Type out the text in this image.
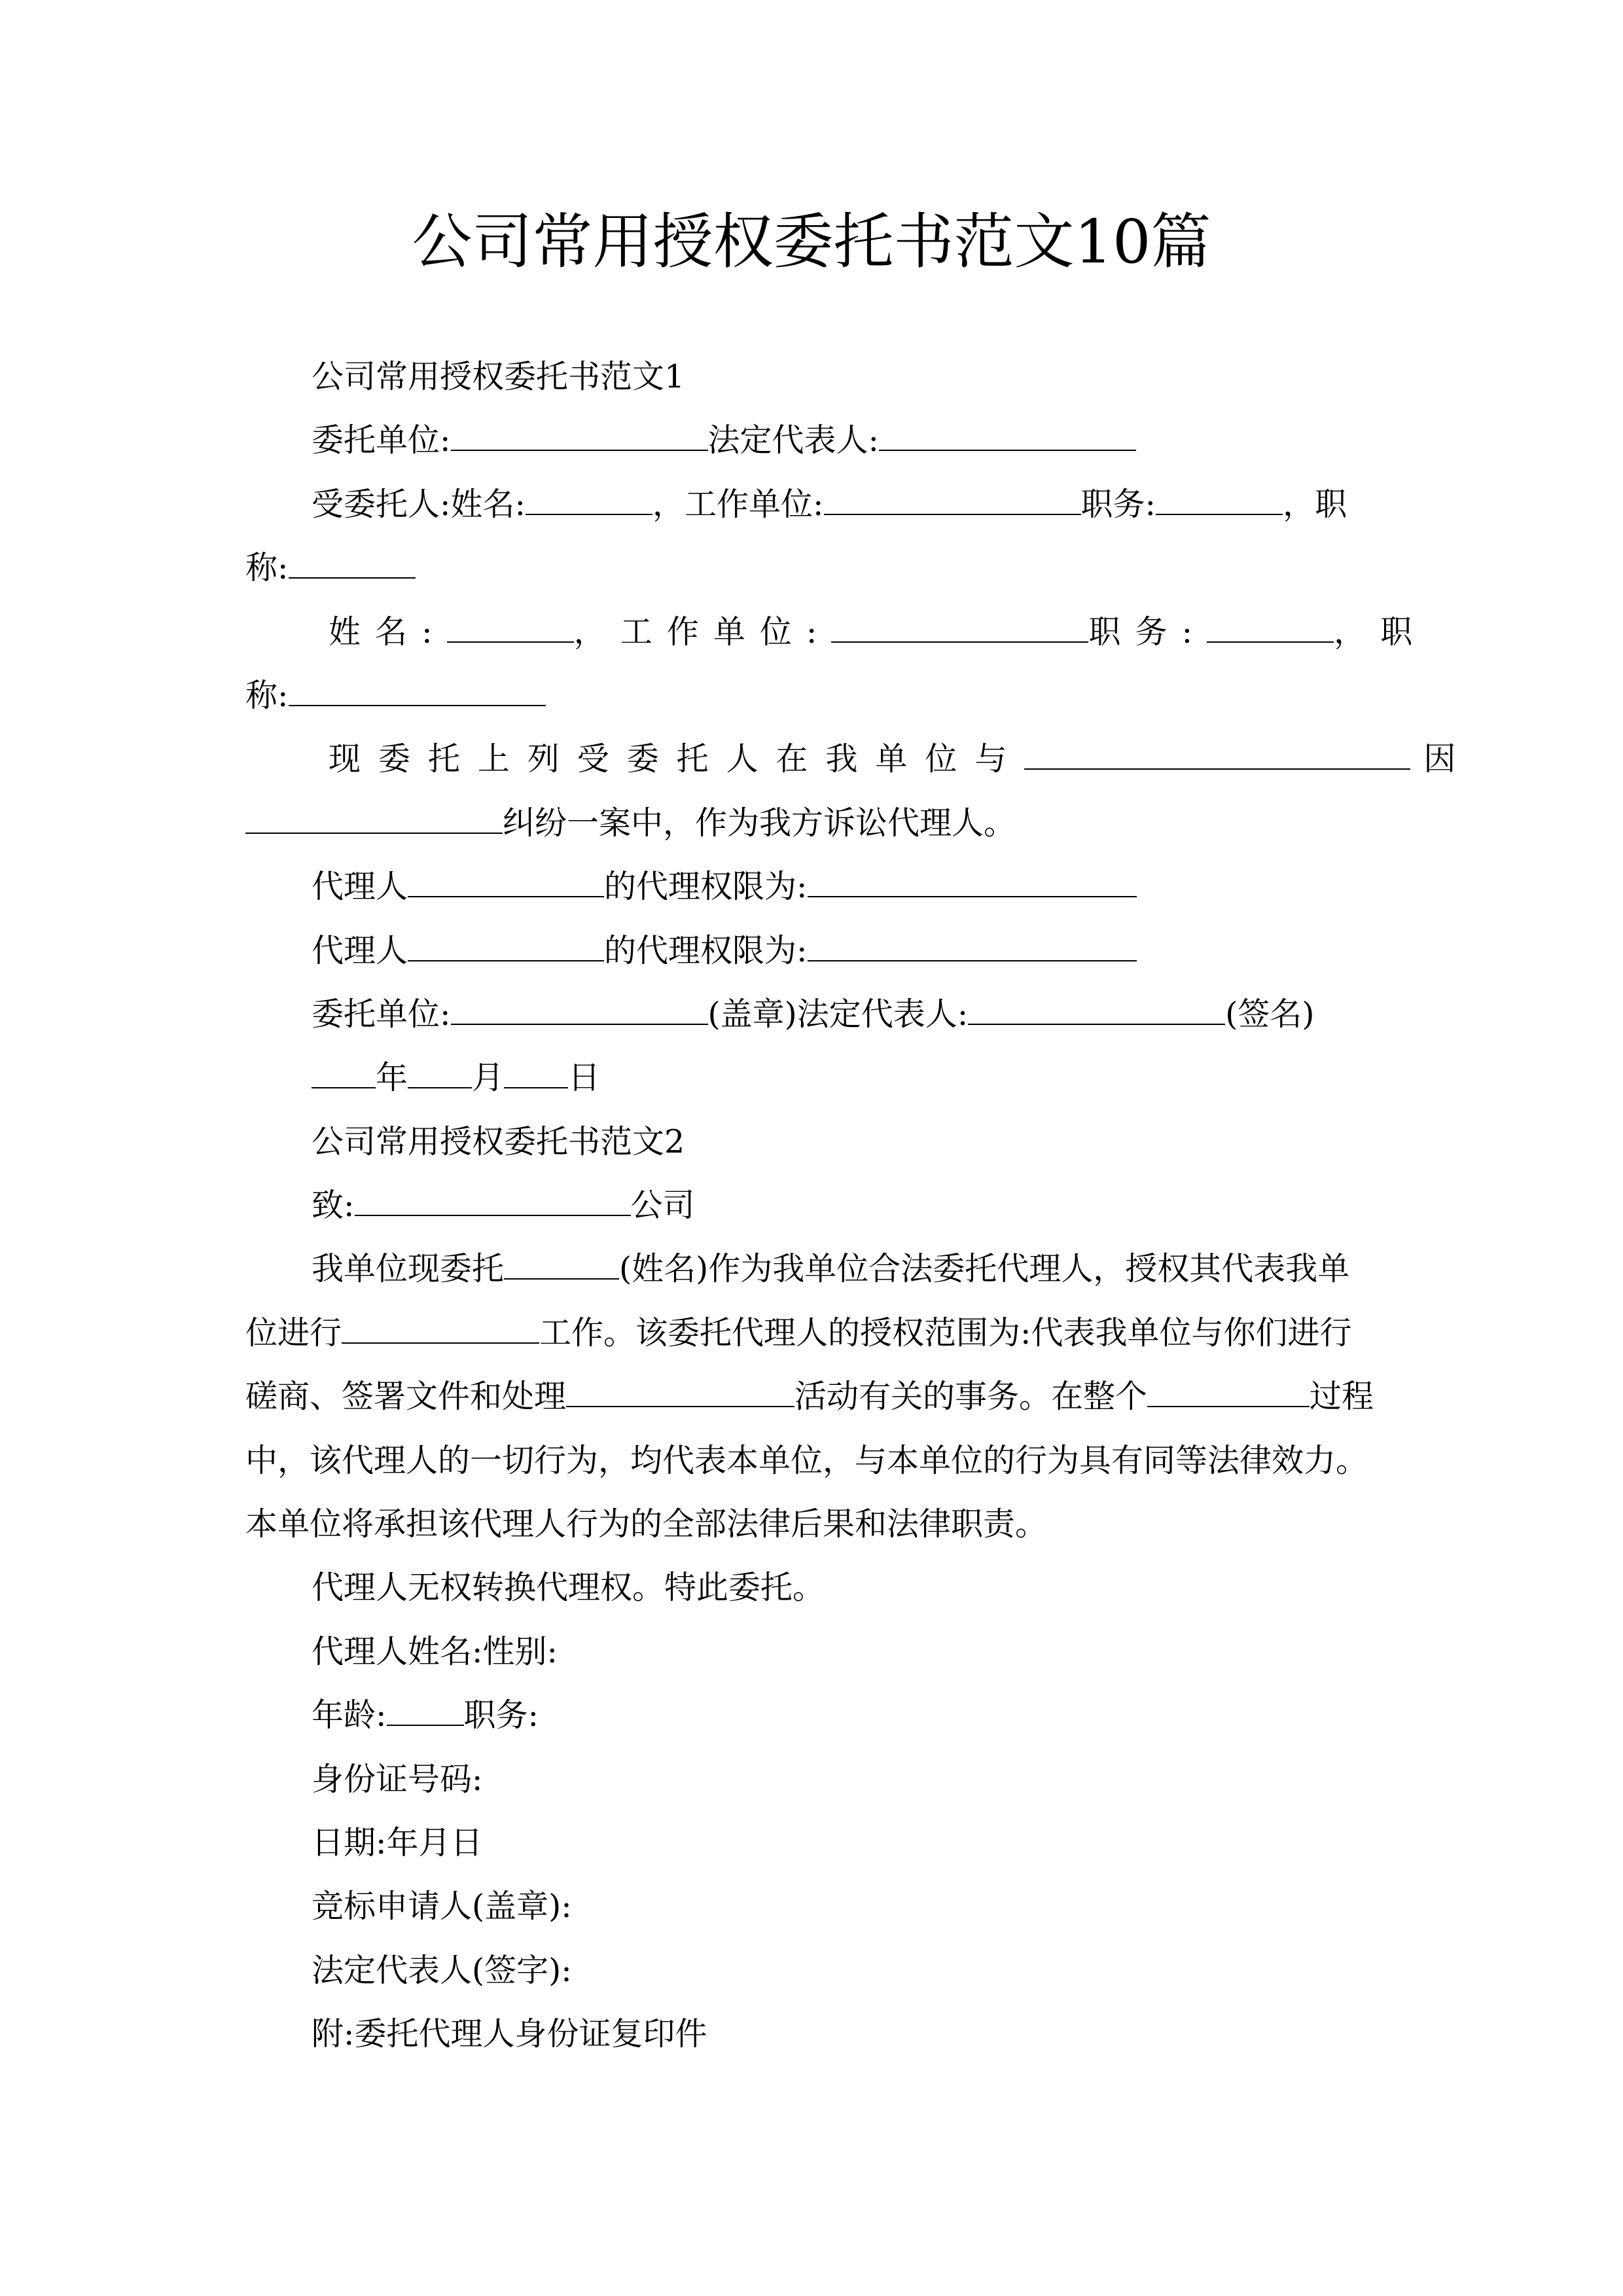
公司常用授权委托书范文10篇
公司常用授权委托书范文1
委托单位:	法定代表人:
受委托人:姓名:	，工作单位:	职务:	，职
称:
姓名:	，工作单位:	职务:	，职
称:
现委托上列受委托人在我单位与	因
纠纷一案中，作为我方诉讼代理人。
代理人	的代理权限为:
代理人	的代理权限为:
委托单位:	(盖章)法定代表人:	(签名)
年 月 日
公司常用授权委托书范文2
致:	公司
我单位现委托	(姓名)作为我单位合法委托代理人，授权其代表我单
位进行	工作。该委托代理人的授权范围为:代表我单位与你们进行
磋商、签署文件和处理	活动有关的事务。在整个	过程
中，该代理人的一切行为，均代表本单位，与本单位的行为具有同等法律效力。
本单位将承担该代理人行为的全部法律后果和法律职责。
代理人无权转换代理权。特此委托。
代理人姓名:性别:
年龄: 职务:
身份证号码:
日期:年月日
竞标申请人(盖章):
法定代表人(签字):
附:委托代理人身份证复印件
